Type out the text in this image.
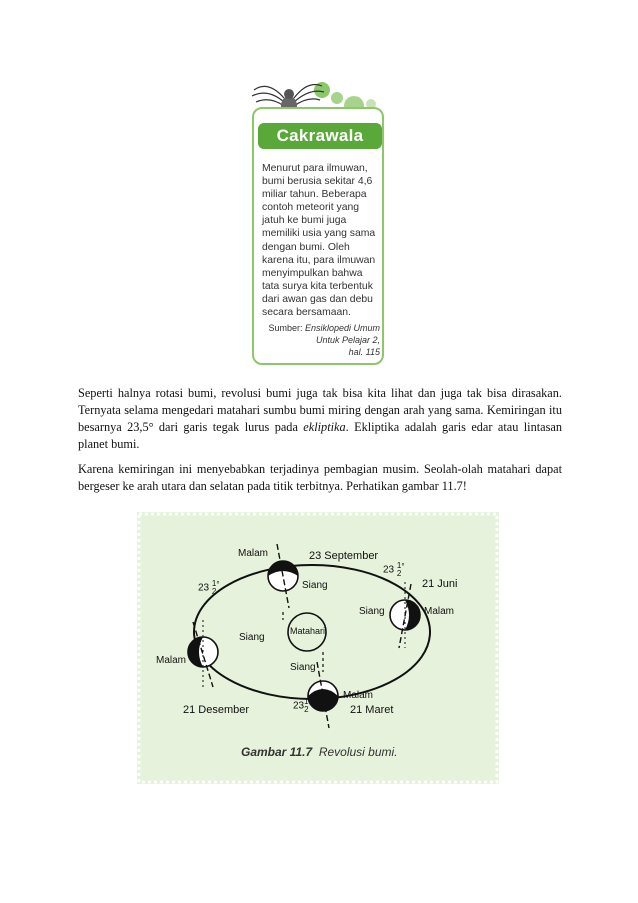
Cakrawala
Menurut para ilmuwan, bumi berusia sekitar 4,6 miliar tahun. Beberapa contoh meteorit yang jatuh ke bumi juga memiliki usia yang sama dengan bumi. Oleh karena itu, para ilmuwan menyimpulkan bahwa tata surya kita terbentuk dari awan gas dan debu secara bersamaan.
Sumber: Ensiklopedi Umum Untuk Pelajar 2,
hal. 115
Seperti halnya rotasi bumi, revolusi bumi juga tak bisa kita lihat dan juga tak bisa dirasakan. Ternyata selama mengedari matahari sumbu bumi miring dengan arah yang sama. Kemiringan itu besarnya 23,5° dari garis tegak lurus pada ekliptika. Ekliptika adalah garis edar atau lintasan planet bumi.
Karena kemiringan ini menyebabkan terjadinya pembagian musim. Seolah-olah matahari dapat bergeser ke arah utara dan selatan pada titik terbitnya. Perhatikan gambar 11.7!
Malam	23 September
Siang
23 1
2°
21 Juni
Siang	Malam
23 1
2°
Siang
Matahari
Malam
21 Desember
Siang
Malam
231
2	21 Maret
Gambar 11.7 Revolusi bumi.
